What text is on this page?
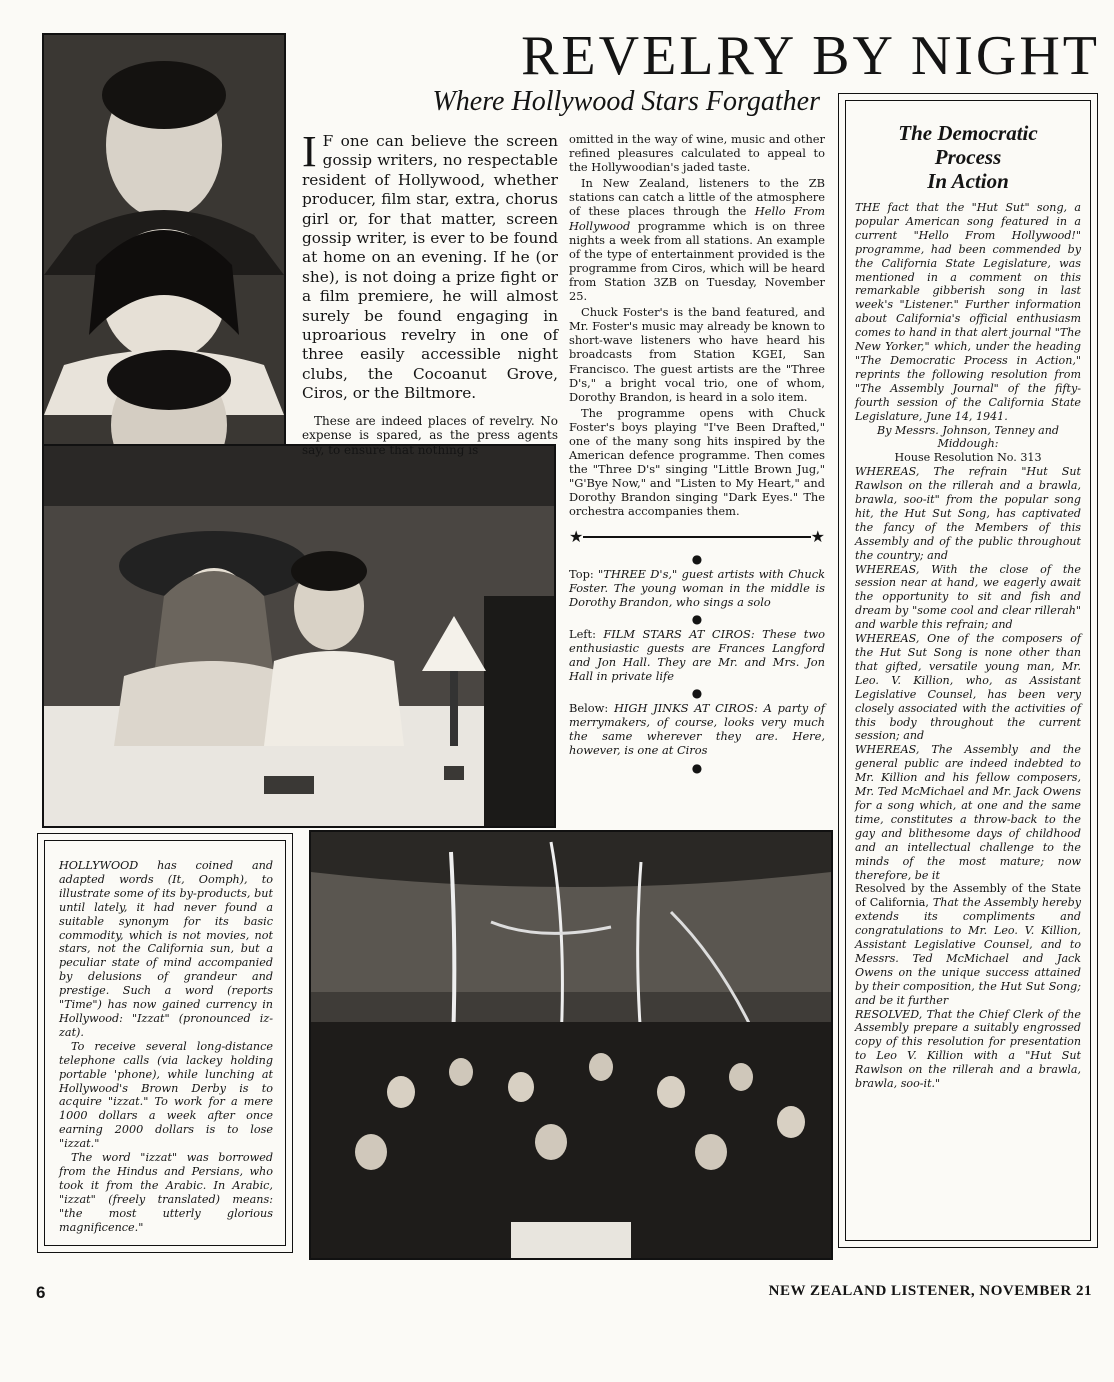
REVELRY BY NIGHT
Where Hollywood Stars Forgather

I F one can believe the screen gossip writers, no respectable resident of Hollywood, whether producer, film star, extra, chorus girl or, for that matter, screen gossip writer, is ever to be found at home on an evening. If he (or she), is not doing a prize fight or a film premiere, he will almost surely be found engaging in uproarious revelry in one of three easily accessible night clubs, the Cocoanut Grove, Ciros, or the Biltmore.

These are indeed places of revelry. No expense is spared, as the press agents say, to ensure that nothing is

omitted in the way of wine, music and other refined pleasures calculated to appeal to the Hollywoodian's jaded taste.

In New Zealand, listeners to the ZB stations can catch a little of the atmosphere of these places through the Hello From Hollywood programme which is on three nights a week from all stations. An example of the type of entertainment provided is the programme from Ciros, which will be heard from Station 3ZB on Tuesday, November 25.

Chuck Foster's is the band featured, and Mr. Foster's music may already be known to short-wave listeners who have heard his broadcasts from Station KGEI, San Francisco. The guest artists are the "Three D's," a bright vocal trio, one of whom, Dorothy Brandon, is heard in a solo item.

The programme opens with Chuck Foster's boys playing "I've Been Drafted," one of the many song hits inspired by the American defence programme. Then comes the "Three D's" singing "Little Brown Jug," "G'Bye Now," and "Listen to My Heart," and Dorothy Brandon singing "Dark Eyes." The orchestra accompanies them.

★	★
●

Top: "THREE D's," guest artists with Chuck Foster. The young woman in the middle is Dorothy Brandon, who sings a solo

●

Left: FILM STARS AT CIROS: These two enthusiastic guests are Frances Langford and Jon Hall. They are Mr. and Mrs. Jon Hall in private life

●

Below: HIGH JINKS AT CIROS: A party of merrymakers, of course, looks very much the same wherever they are. Here, however, is one at Ciros

●
The Democratic
Process
In Action

THE fact that the "Hut Sut" song, a popular American song featured in a current "Hello From Hollywood!" programme, had been commended by the California State Legislature, was mentioned in a comment on this remarkable gibberish song in last week's "Listener." Further information about California's official enthusiasm comes to hand in that alert journal "The New Yorker," which, under the heading "The Democratic Process in Action," reprints the following resolution from "The Assembly Journal" of the fifty-fourth session of the California State Legislature, June 14, 1941.

By Messrs. Johnson, Tenney and Middough:

House Resolution No. 313

WHEREAS, The refrain "Hut Sut Rawlson on the rillerah and a brawla, brawla, soo-it" from the popular song hit, the Hut Sut Song, has captivated the fancy of the Members of this Assembly and of the public throughout the country; and

WHEREAS, With the close of the session near at hand, we eagerly await the opportunity to sit and fish and dream by "some cool and clear rillerah" and warble this refrain; and

WHEREAS, One of the composers of the Hut Sut Song is none other than that gifted, versatile young man, Mr. Leo. V. Killion, who, as Assistant Legislative Counsel, has been very closely associated with the activities of this body throughout the current session; and

WHEREAS, The Assembly and the general public are indeed indebted to Mr. Killion and his fellow composers, Mr. Ted McMichael and Mr. Jack Owens for a song which, at one and the same time, constitutes a throw-back to the gay and blithesome days of childhood and an intellectual challenge to the minds of the most mature; now therefore, be it

Resolved by the Assembly of the State of California, That the Assembly hereby extends its compliments and congratulations to Mr. Leo. V. Killion, Assistant Legislative Counsel, and to Messrs. Ted McMichael and Jack Owens on the unique success attained by their composition, the Hut Sut Song; and be it further

RESOLVED, That the Chief Clerk of the Assembly prepare a suitably engrossed copy of this resolution for presentation to Leo V. Killion with a "Hut Sut Rawlson on the rillerah and a brawla, brawla, soo-it."

HOLLYWOOD has coined and adapted words (It, Oomph), to illustrate some of its by-products, but until lately, it had never found a suitable synonym for its basic commodity, which is not movies, not stars, not the California sun, but a peculiar state of mind accompanied by delusions of grandeur and prestige. Such a word (reports "Time") has now gained currency in Hollywood: "Izzat" (pronounced iz-zat).

To receive several long-distance telephone calls (via lackey holding portable 'phone), while lunching at Hollywood's Brown Derby is to acquire "izzat." To work for a mere 1000 dollars a week after once earning 2000 dollars is to lose "izzat."

The word "izzat" was borrowed from the Hindus and Persians, who took it from the Arabic. In Arabic, "izzat" (freely translated) means: "the most utterly glorious magnificence."

6	NEW ZEALAND LISTENER, NOVEMBER 21
